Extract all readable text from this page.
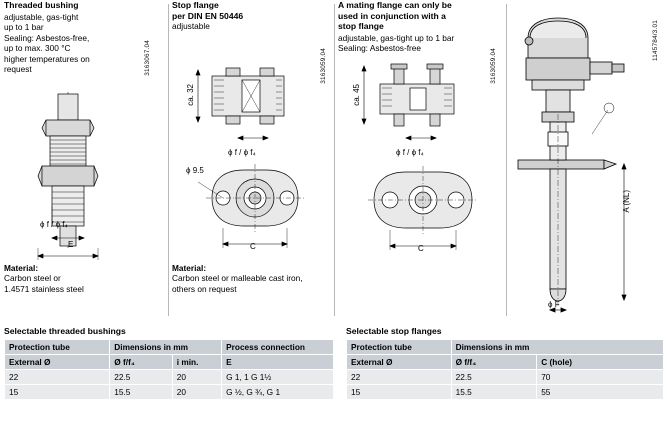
Threaded bushing
adjustable, gas-tight
up to 1 bar
Sealing: Asbestos-free,
up to max. 300 °C
higher temperatures on
request	3163067.04
ϕ f / ϕ f₄
E
Material:
Carbon steel or
1.4571 stainless steel
Stop flange
per DIN EN 50446
adjustable
3163059.04
ca. 32
ϕ f / ϕ f₄
ϕ 9.5
C
Material:
Carbon steel or malleable cast iron,
others on request
A mating flange can only be
used in conjunction with a
stop flange
adjustable, gas-tight up to 1 bar
Sealing: Asbestos-free	3163059.04
ca. 45
ϕ f / ϕ f₄
C
1145784/3.01
A (NL)
ϕ F
Selectable threaded bushings
Protection tube	Dimensions in mm		Process connection
External Ø	Ø f/f₄	i min.	E
22	22.5	20	G 1, 1 G 1½
15	15.5	20	G ½, G ¾, G 1
Selectable stop flanges
Protection tube	Dimensions in mm	
External Ø	Ø f/f₄	C (hole)
22	22.5	70
15	15.5	55
